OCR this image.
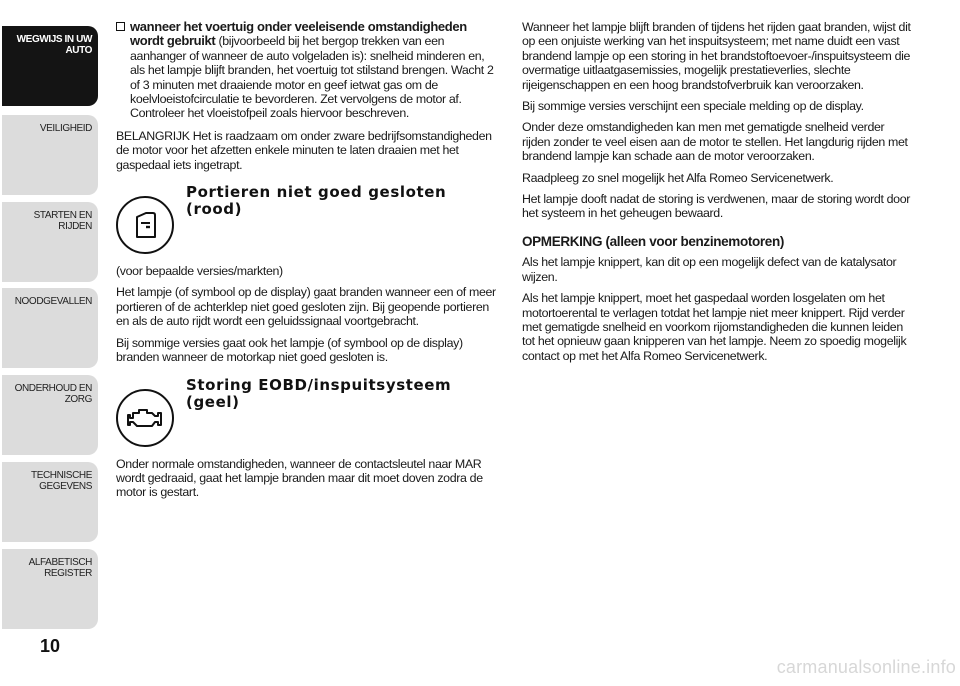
WEGWIJS IN UW AUTO
VEILIGHEID
STARTEN EN RIJDEN
NOODGEVALLEN
ONDERHOUD EN ZORG
TECHNISCHE GEGEVENS
ALFABETISCH REGISTER
10
wanneer het voertuig onder veeleisende omstandigheden wordt gebruikt (bijvoorbeeld bij het bergop trekken van een aanhanger of wanneer de auto volgeladen is): snelheid minderen en, als het lampje blijft branden, het voertuig tot stilstand brengen. Wacht 2 of 3 minuten met draaiende motor en geef ietwat gas om de koelvloeistofcirculatie te bevorderen. Zet vervolgens de motor af. Controleer het vloeistofpeil zoals hiervoor beschreven.

BELANGRIJK Het is raadzaam om onder zware bedrijfsomstandigheden de motor voor het afzetten enkele minuten te laten draaien met het gaspedaal iets ingetrapt.

Portieren niet goed gesloten (rood)

(voor bepaalde versies/markten)

Het lampje (of symbool op de display) gaat branden wanneer een of meer portieren of de achterklep niet goed gesloten zijn. Bij geopende portieren en als de auto rijdt wordt een geluidssignaal voortgebracht.

Bij sommige versies gaat ook het lampje (of symbool op de display) branden wanneer de motorkap niet goed gesloten is.

Storing EOBD/inspuitsysteem (geel)

Onder normale omstandigheden, wanneer de contactsleutel naar MAR wordt gedraaid, gaat het lampje branden maar dit moet doven zodra de motor is gestart.

Wanneer het lampje blijft branden of tijdens het rijden gaat branden, wijst dit op een onjuiste werking van het inspuitsysteem; met name duidt een vast brandend lampje op een storing in het brandstoftoevoer-/inspuitsysteem die overmatige uitlaatgasemissies, mogelijk prestatieverlies, slechte rijeigenschappen en een hoog brandstofverbruik kan veroorzaken.

Bij sommige versies verschijnt een speciale melding op de display.

Onder deze omstandigheden kan men met gematigde snelheid verder rijden zonder te veel eisen aan de motor te stellen. Het langdurig rijden met brandend lampje kan schade aan de motor veroorzaken.

Raadpleeg zo snel mogelijk het Alfa Romeo Servicenetwerk.

Het lampje dooft nadat de storing is verdwenen, maar de storing wordt door het systeem in het geheugen bewaard.

OPMERKING (alleen voor benzinemotoren)

Als het lampje knippert, kan dit op een mogelijk defect van de katalysator wijzen.

Als het lampje knippert, moet het gaspedaal worden losgelaten om het motortoerental te verlagen totdat het lampje niet meer knippert. Rijd verder met gematigde snelheid en voorkom rijomstandigheden die kunnen leiden tot het opnieuw gaan knipperen van het lampje. Neem zo spoedig mogelijk contact op met het Alfa Romeo Servicenetwerk.

carmanualsonline.info
